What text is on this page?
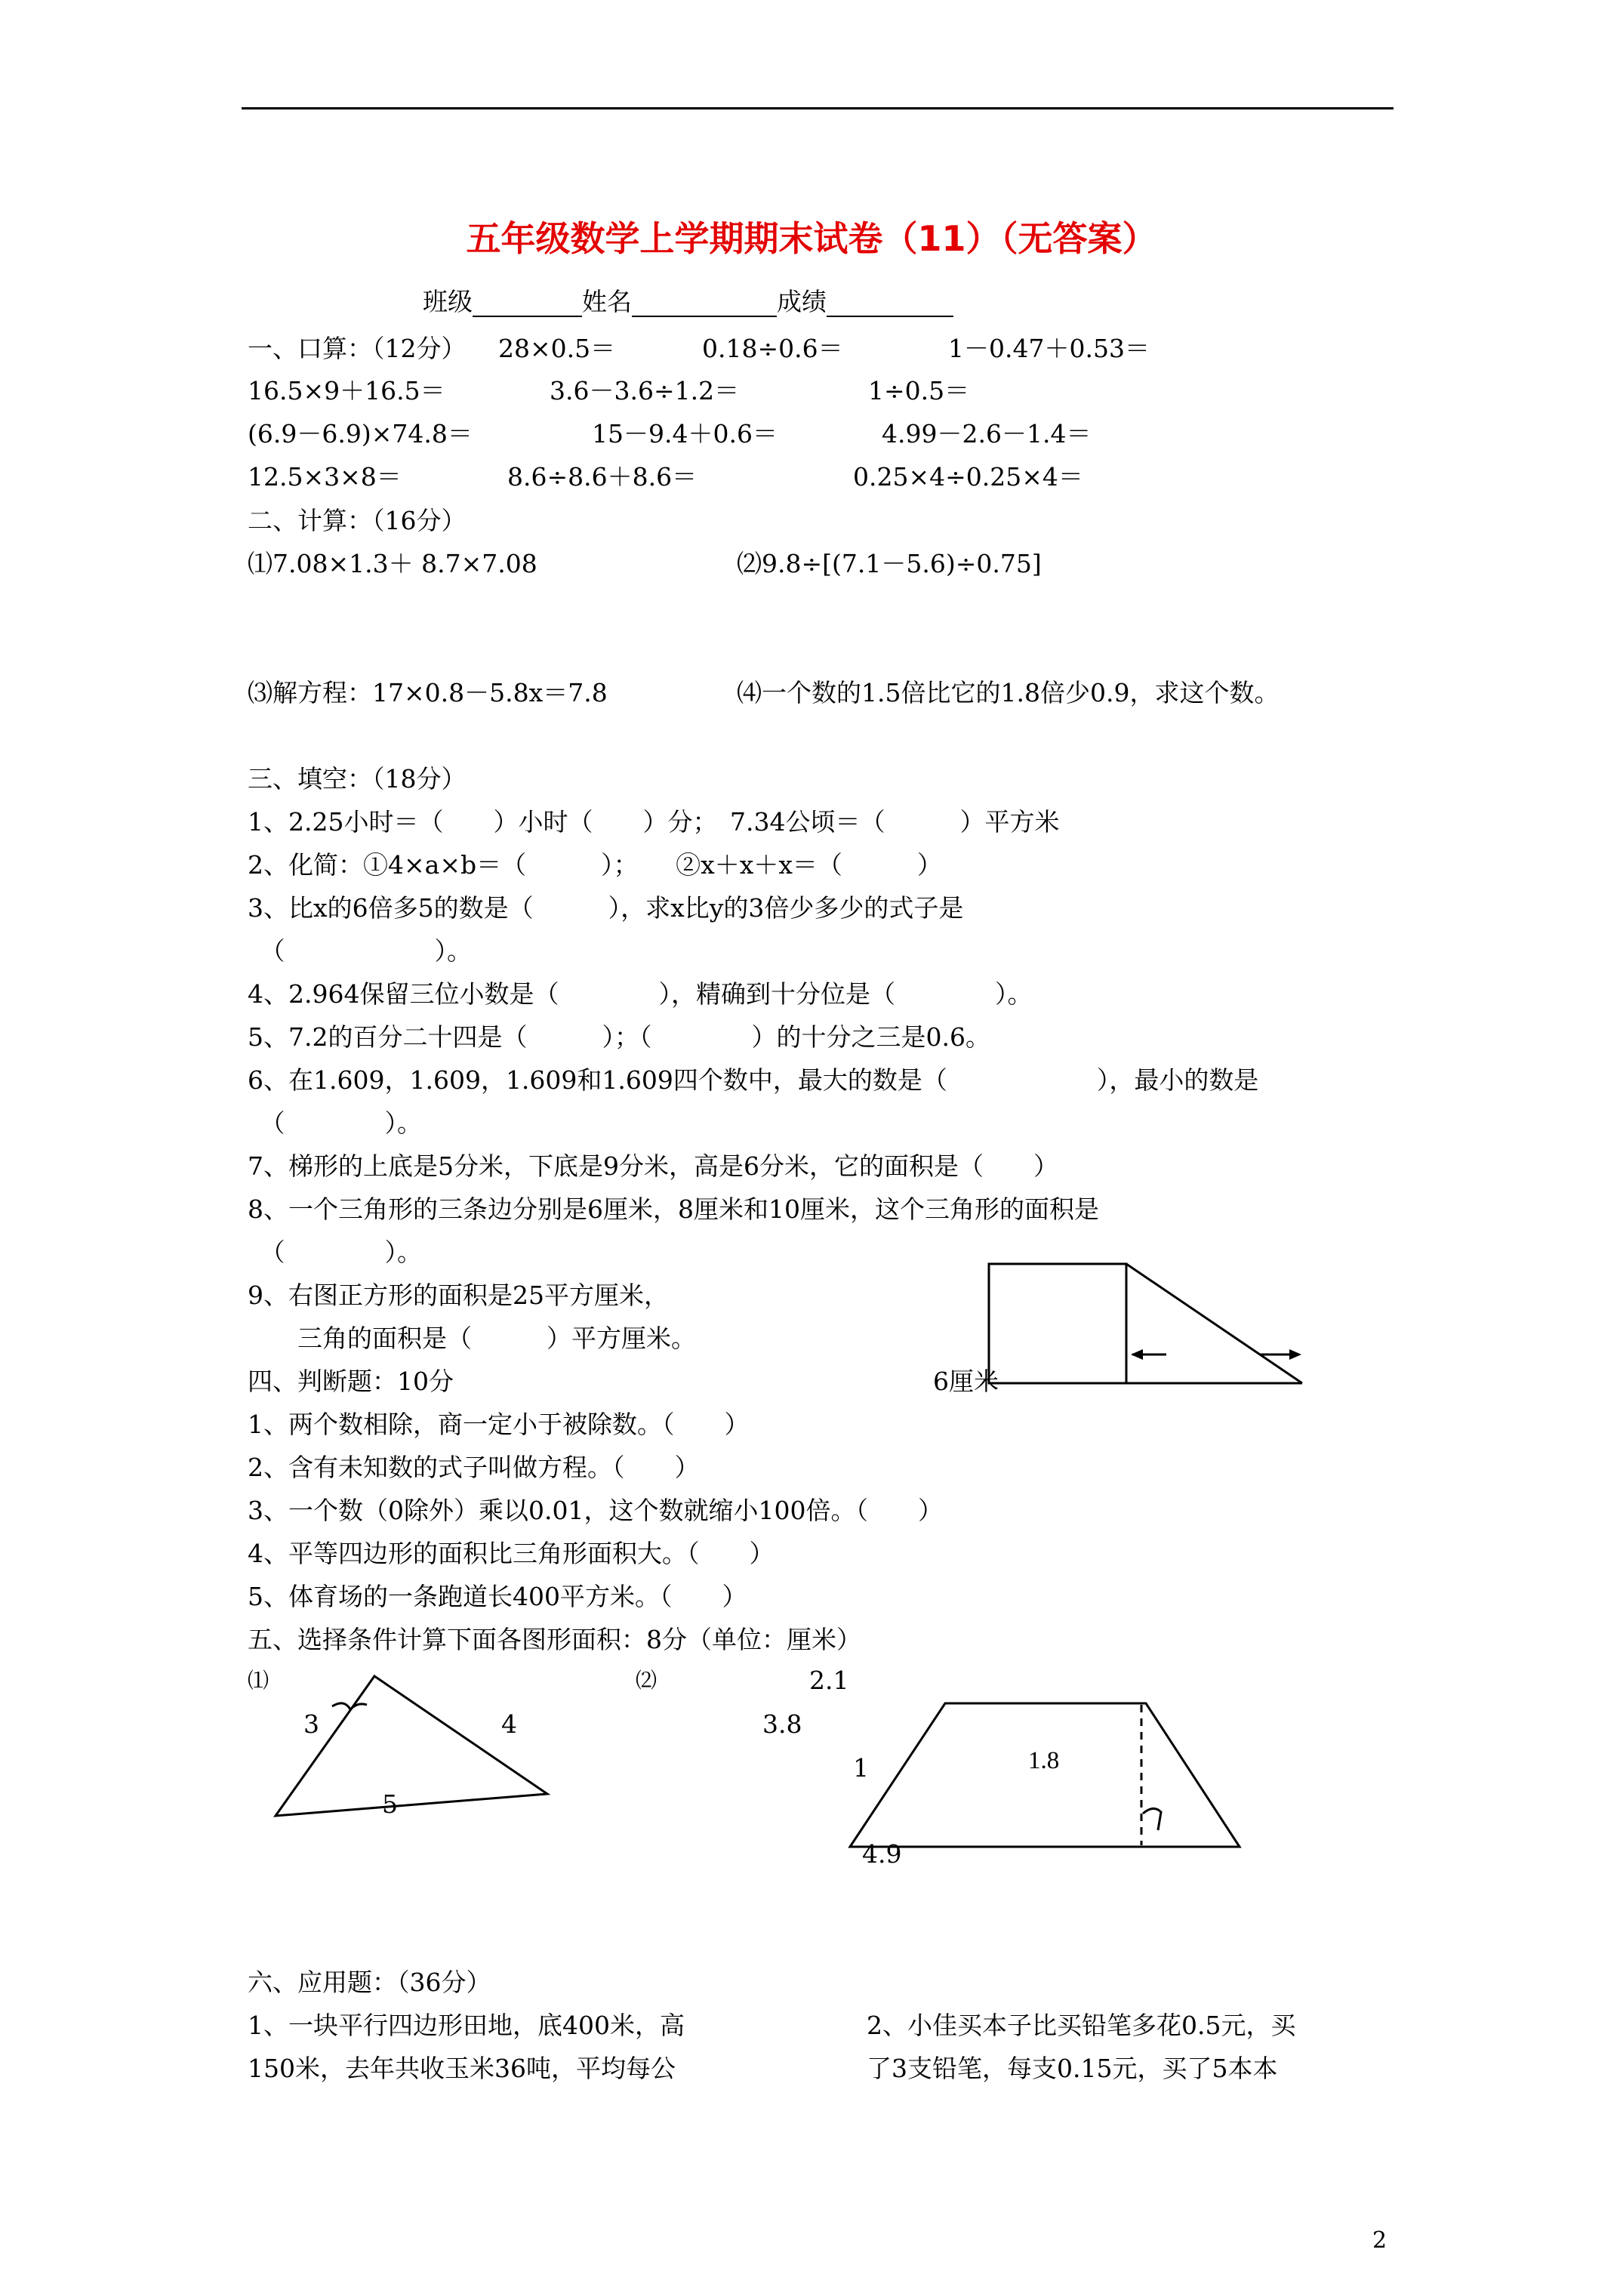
五年级数学上学期期末试卷（11）（无答案）
班级	姓名	成绩
一、口算：（12分） 28×0.5＝	0.18÷0.6＝	1－0.47＋0.53＝
16.5×9＋16.5＝	3.6－3.6÷1.2＝	1÷0.5＝
(6.9－6.9)×74.8＝	15－9.4＋0.6＝	4.99－2.6－1.4＝
12.5×3×8＝	8.6÷8.6＋8.6＝	0.25×4÷0.25×4＝
二、计算：（16分）
⑴7.08×1.3＋ 8.7×7.08	⑵9.8÷[(7.1－5.6)÷0.75]
⑶解方程：17×0.8－5.8x＝7.8	⑷一个数的1.5倍比它的1.8倍少0.9，求这个数。
三、填空：（18分）
1、2.25小时＝（　　）小时（　　）分；　7.34公顷＝（　　　）平方米
2、化简：①4×a×b＝（　　　）；　　②x＋x＋x＝（　　　）
3、比x的6倍多5的数是（　　　），求x比y的3倍少多少的式子是
　（　　　　　　）。
4、2.964保留三位小数是（　　　　），精确到十分位是（　　　　）。
5、7.2的百分二十四是（　　　）；（　　　　）的十分之三是0.6。
6、在1.609，1.609，1.609和1.609四个数中，最大的数是（　　　　　　），最小的数是
　（　　　　）。
7、梯形的上底是5分米，下底是9分米，高是6分米，它的面积是（　　）
8、一个三角形的三条边分别是6厘米，8厘米和10厘米，这个三角形的面积是
　（　　　　）。
9、右图正方形的面积是25平方厘米，
　　三角的面积是（　　　）平方厘米。
四、判断题：10分	6厘米
1、两个数相除，商一定小于被除数。（　　）
2、含有未知数的式子叫做方程。（　　）
3、一个数（0除外）乘以0.01，这个数就缩小100倍。（　　）
4、平等四边形的面积比三角形面积大。（　　）
5、体育场的一条跑道长400平方米。（　　）
五、选择条件计算下面各图形面积：8分（单位：厘米）
⑴
3	4
5
⑵	2.1
3.8
1	1.8
4.9
六、应用题：（36分）
1、一块平行四边形田地，底400米，高
150米，去年共收玉米36吨，平均每公
2、小佳买本子比买铅笔多花0.5元，买
了3支铅笔，每支0.15元，买了5本本
2
